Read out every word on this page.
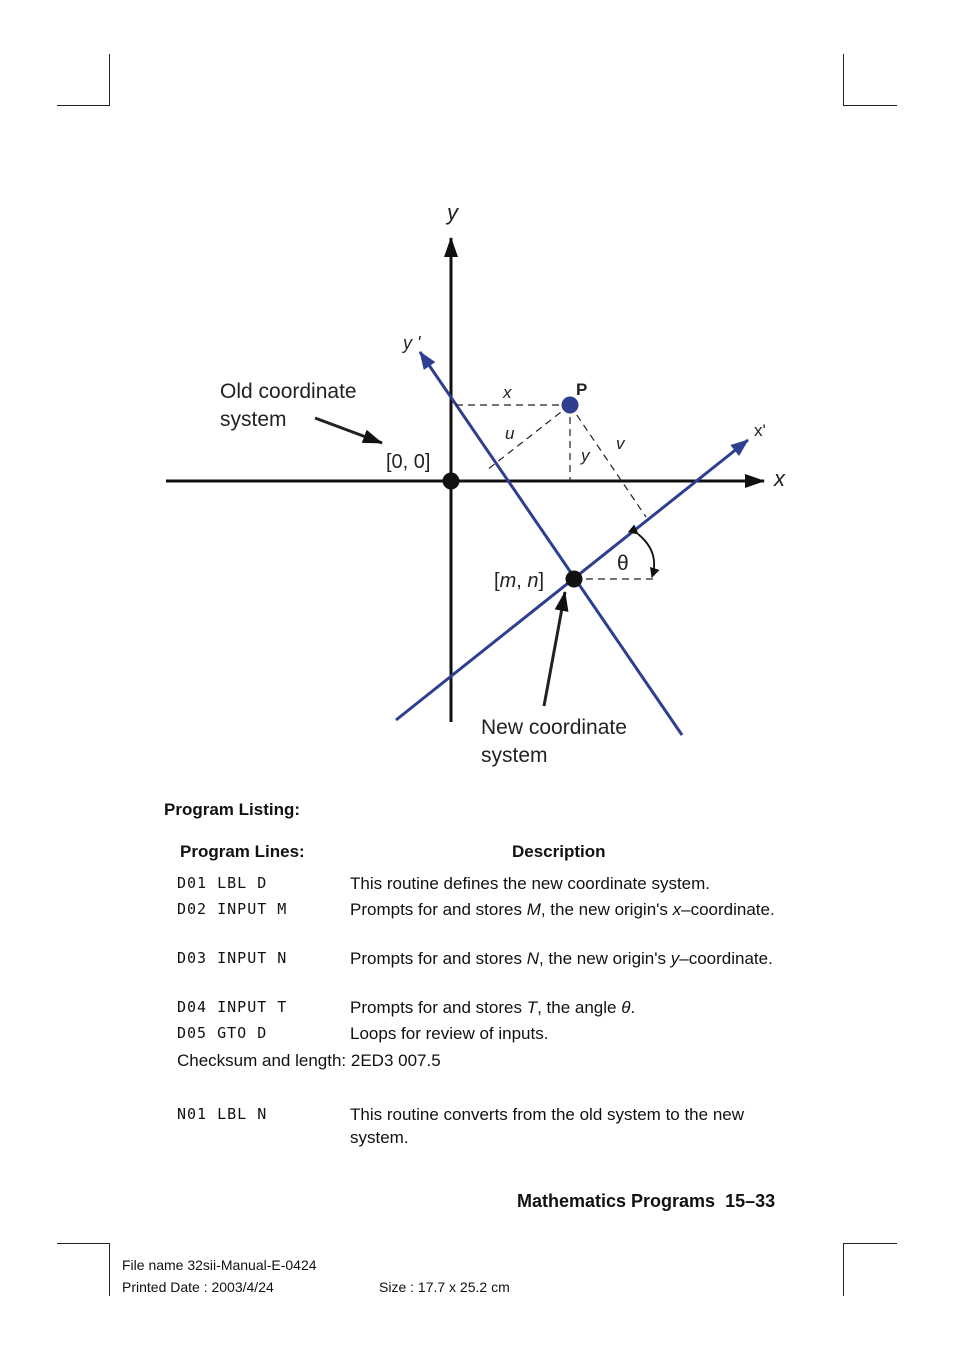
y
x
y '
x'
P
x
y
u
v
[0, 0]
[m, n]
θ
Old coordinate
system
New coordinate
system
Program Listing:
Program Lines:	Description
D01 LBL D	This routine defines the new coordinate system.
D02 INPUT M	Prompts for and stores M, the new origin's x–coordinate.
D03 INPUT N	Prompts for and stores N, the new origin's y–coordinate.
D04 INPUT T	Prompts for and stores T, the angle θ.
D05 GTO D	Loops for review of inputs.
Checksum and length: 2ED3 007.5
N01 LBL N	This routine converts from the old system to the new system.
Mathematics Programs  15–33
File name 32sii-Manual-E-0424
Printed Date : 2003/4/24	Size : 17.7 x 25.2 cm
